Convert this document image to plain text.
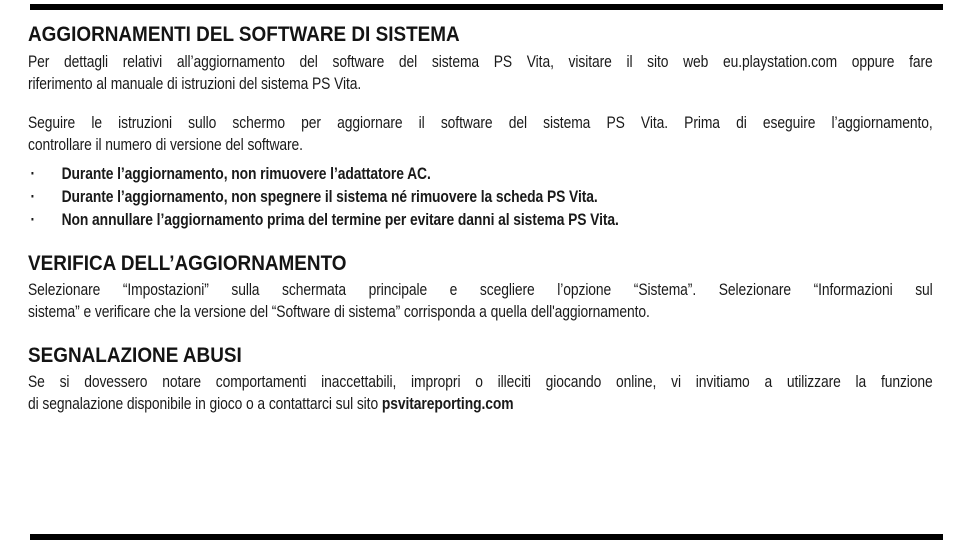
AGGIORNAMENTI DEL SOFTWARE DI SISTEMA
Per dettagli relativi all’aggiornamento del software del sistema PS Vita, visitare il sito web eu.playstation.com oppure fare
riferimento al manuale di istruzioni del sistema PS Vita.
Seguire le istruzioni sullo schermo per aggiornare il software del sistema PS Vita. Prima di eseguire l’aggiornamento,
controllare il numero di versione del software.
· Durante l’aggiornamento, non rimuovere l’adattatore AC.
· Durante l’aggiornamento, non spegnere il sistema né rimuovere la scheda PS Vita.
· Non annullare l’aggiornamento prima del termine per evitare danni al sistema PS Vita.
VERIFICA DELL’AGGIORNAMENTO
Selezionare “Impostazioni” sulla schermata principale e scegliere l’opzione “Sistema”. Selezionare “Informazioni sul
sistema” e verificare che la versione del “Software di sistema” corrisponda a quella dell'aggiornamento.
SEGNALAZIONE ABUSI
Se si dovessero notare comportamenti inaccettabili, impropri o illeciti giocando online, vi invitiamo a utilizzare la funzione
di segnalazione disponibile in gioco o a contattarci sul sito psvitareporting.com
